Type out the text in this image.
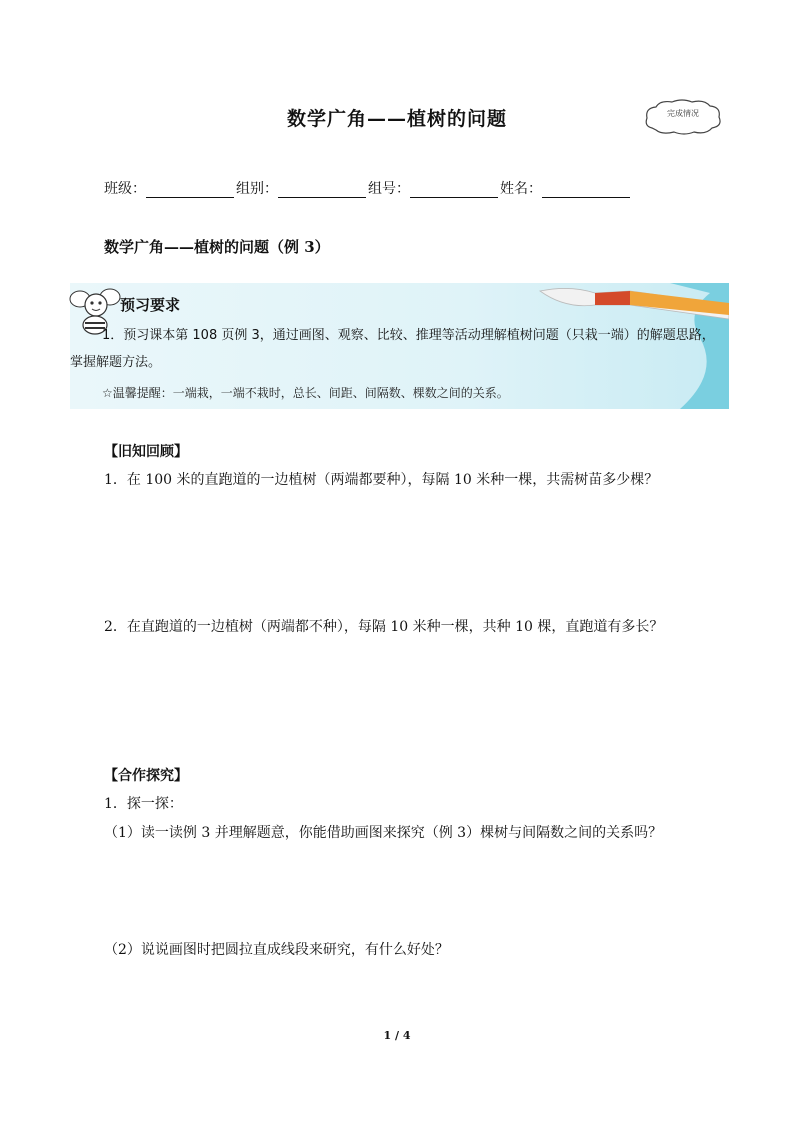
数学广角——植树的问题	完成情况
班级：	组别：	组号：	姓名：
数学广角——植树的问题（例 3）
预习要求
1．预习课本第 108 页例 3，通过画图、观察、比较、推理等活动理解植树问题（只栽一端）的解题思路，掌握解题方法。
☆温馨提醒：一端栽，一端不栽时，总长、间距、间隔数、棵数之间的关系。
【旧知回顾】
1．在 100 米的直跑道的一边植树（两端都要种），每隔 10 米种一棵，共需树苗多少棵？
2．在直跑道的一边植树（两端都不种），每隔 10 米种一棵，共种 10 棵，直跑道有多长？
【合作探究】
1．探一探：
（1）读一读例 3 并理解题意，你能借助画图来探究（例 3）棵树与间隔数之间的关系吗？
（2）说说画图时把圆拉直成线段来研究，有什么好处？
1 / 4
